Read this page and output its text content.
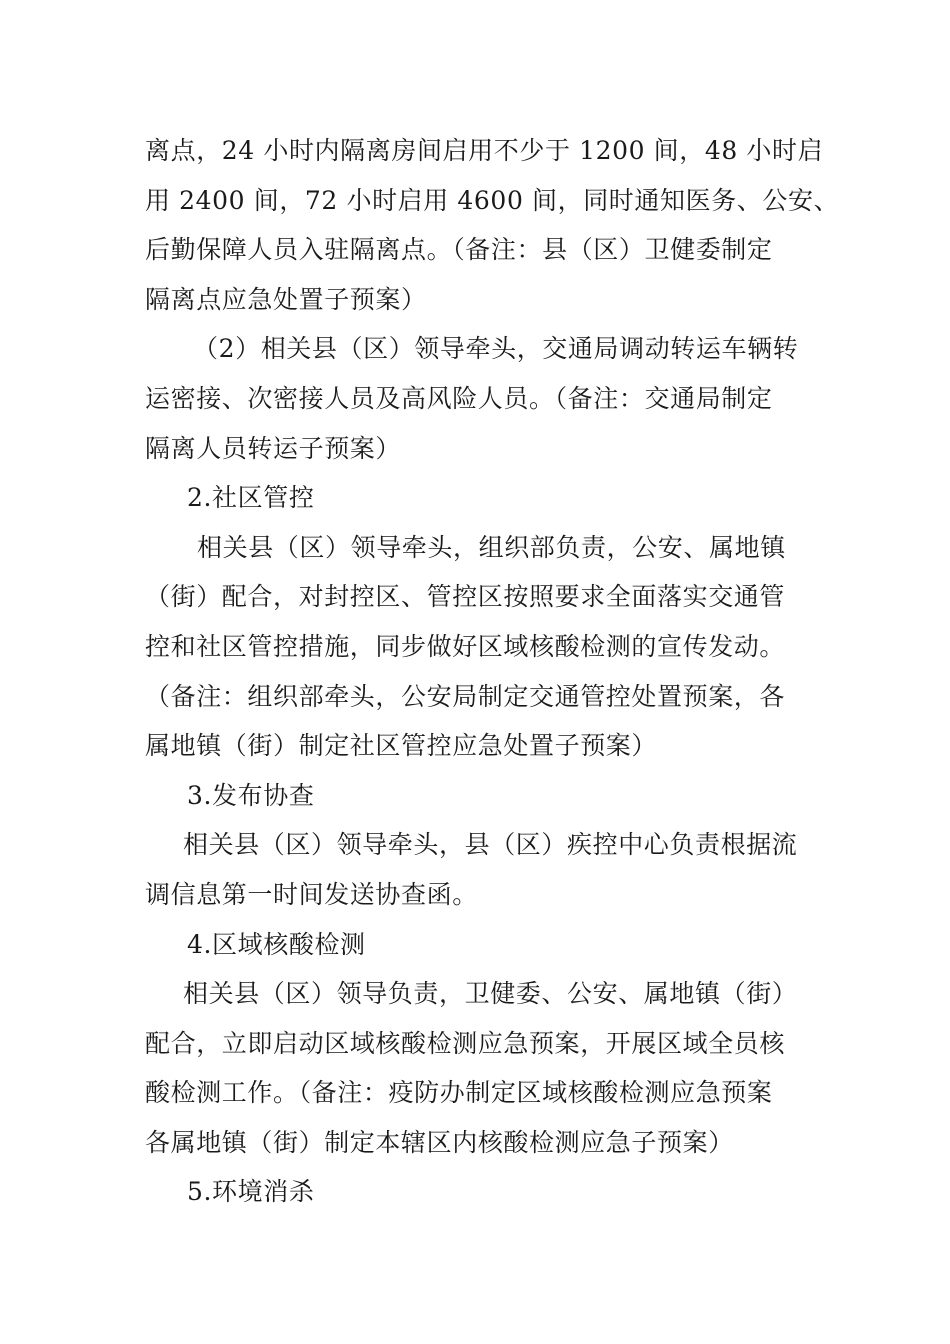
离点，24 小时内隔离房间启用不少于 1200 间，48 小时启
用 2400 间，72 小时启用 4600 间，同时通知医务、公安、
后勤保障人员入驻隔离点。（备注：县（区）卫健委制定
隔离点应急处置子预案）
（2）相关县（区）领导牵头，交通局调动转运车辆转
运密接、次密接人员及高风险人员。（备注：交通局制定
隔离人员转运子预案）
2.社区管控
相关县（区）领导牵头，组织部负责，公安、属地镇
（街）配合，对封控区、管控区按照要求全面落实交通管
控和社区管控措施，同步做好区域核酸检测的宣传发动。
（备注：组织部牵头，公安局制定交通管控处置预案，各
属地镇（街）制定社区管控应急处置子预案）
3.发布协查
相关县（区）领导牵头，县（区）疾控中心负责根据流
调信息第一时间发送协查函。
4.区域核酸检测
相关县（区）领导负责，卫健委、公安、属地镇（街）
配合，立即启动区域核酸检测应急预案，开展区域全员核
酸检测工作。（备注：疫防办制定区域核酸检测应急预案
各属地镇（街）制定本辖区内核酸检测应急子预案）
5.环境消杀
